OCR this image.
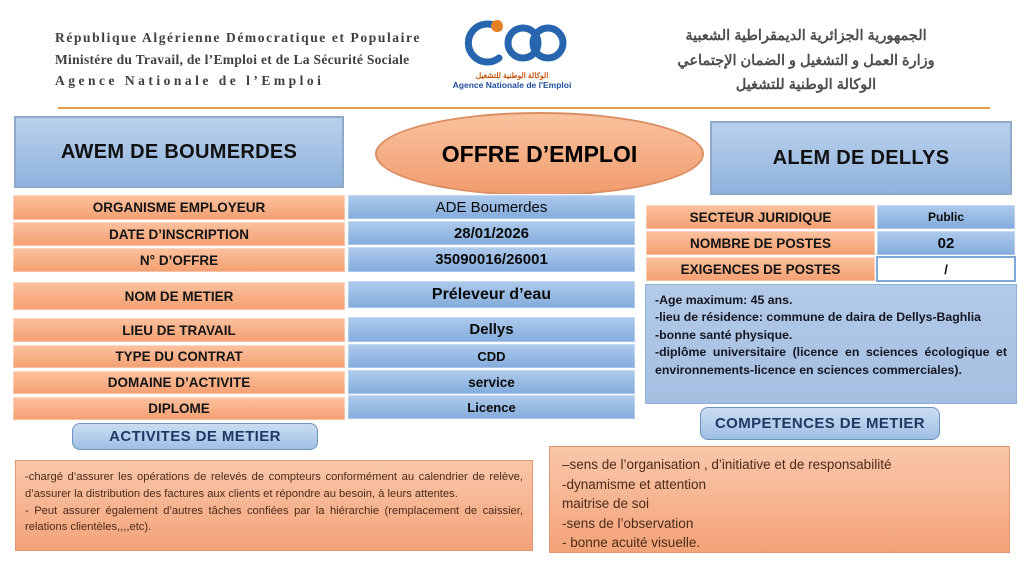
République Algérienne Démocratique et Populaire
Ministére du Travail, de l’Emploi et de La Sécurité Sociale
Agence Nationale de l’Emploi	الوكالة الوطنية للتشغيل
Agence Nationale de l'Emploi
الجمهورية الجزائرية الديمقراطية الشعبية
وزارة العمل و التشغيل و الضمان الإجتماعي
الوكالة الوطنية للتشغيل
AWEM DE BOUMERDES	OFFRE D’EMPLOI	ALEM DE DELLYS
ORGANISME EMPLOYEUR	ADE Boumerdes
DATE D’INSCRIPTION	28/01/2026
N° D’OFFRE	35090016/26001
NOM DE METIER	Préleveur d’eau
LIEU DE TRAVAIL	Dellys
TYPE DU CONTRAT	CDD
DOMAINE D’ACTIVITE	service
DIPLOME	Licence
SECTEUR JURIDIQUE	Public
NOMBRE DE POSTES	02
EXIGENCES DE POSTES	/
-Age maximum: 45 ans.
-lieu de résidence: commune de daira de Dellys-Baghlia
-bonne santé physique.
-diplôme universitaire (licence en sciences écologique et environnements-licence en sciences commerciales).
ACTIVITES DE METIER
COMPETENCES DE METIER

-chargé d’assurer les opérations de relevés de compteurs conformément au calendrier de relève, d’assurer la distribution des factures aux clients et répondre au besoin, à leurs attentes.

- Peut assurer également d’autres tâches confiées par la hiérarchie (remplacement de caissier, relations clientèles,,,,etc).

–sens de l’organisation , d’initiative et de responsabilité
-dynamisme et attention
maitrise de soi
-sens de l’observation
- bonne acuité visuelle.
